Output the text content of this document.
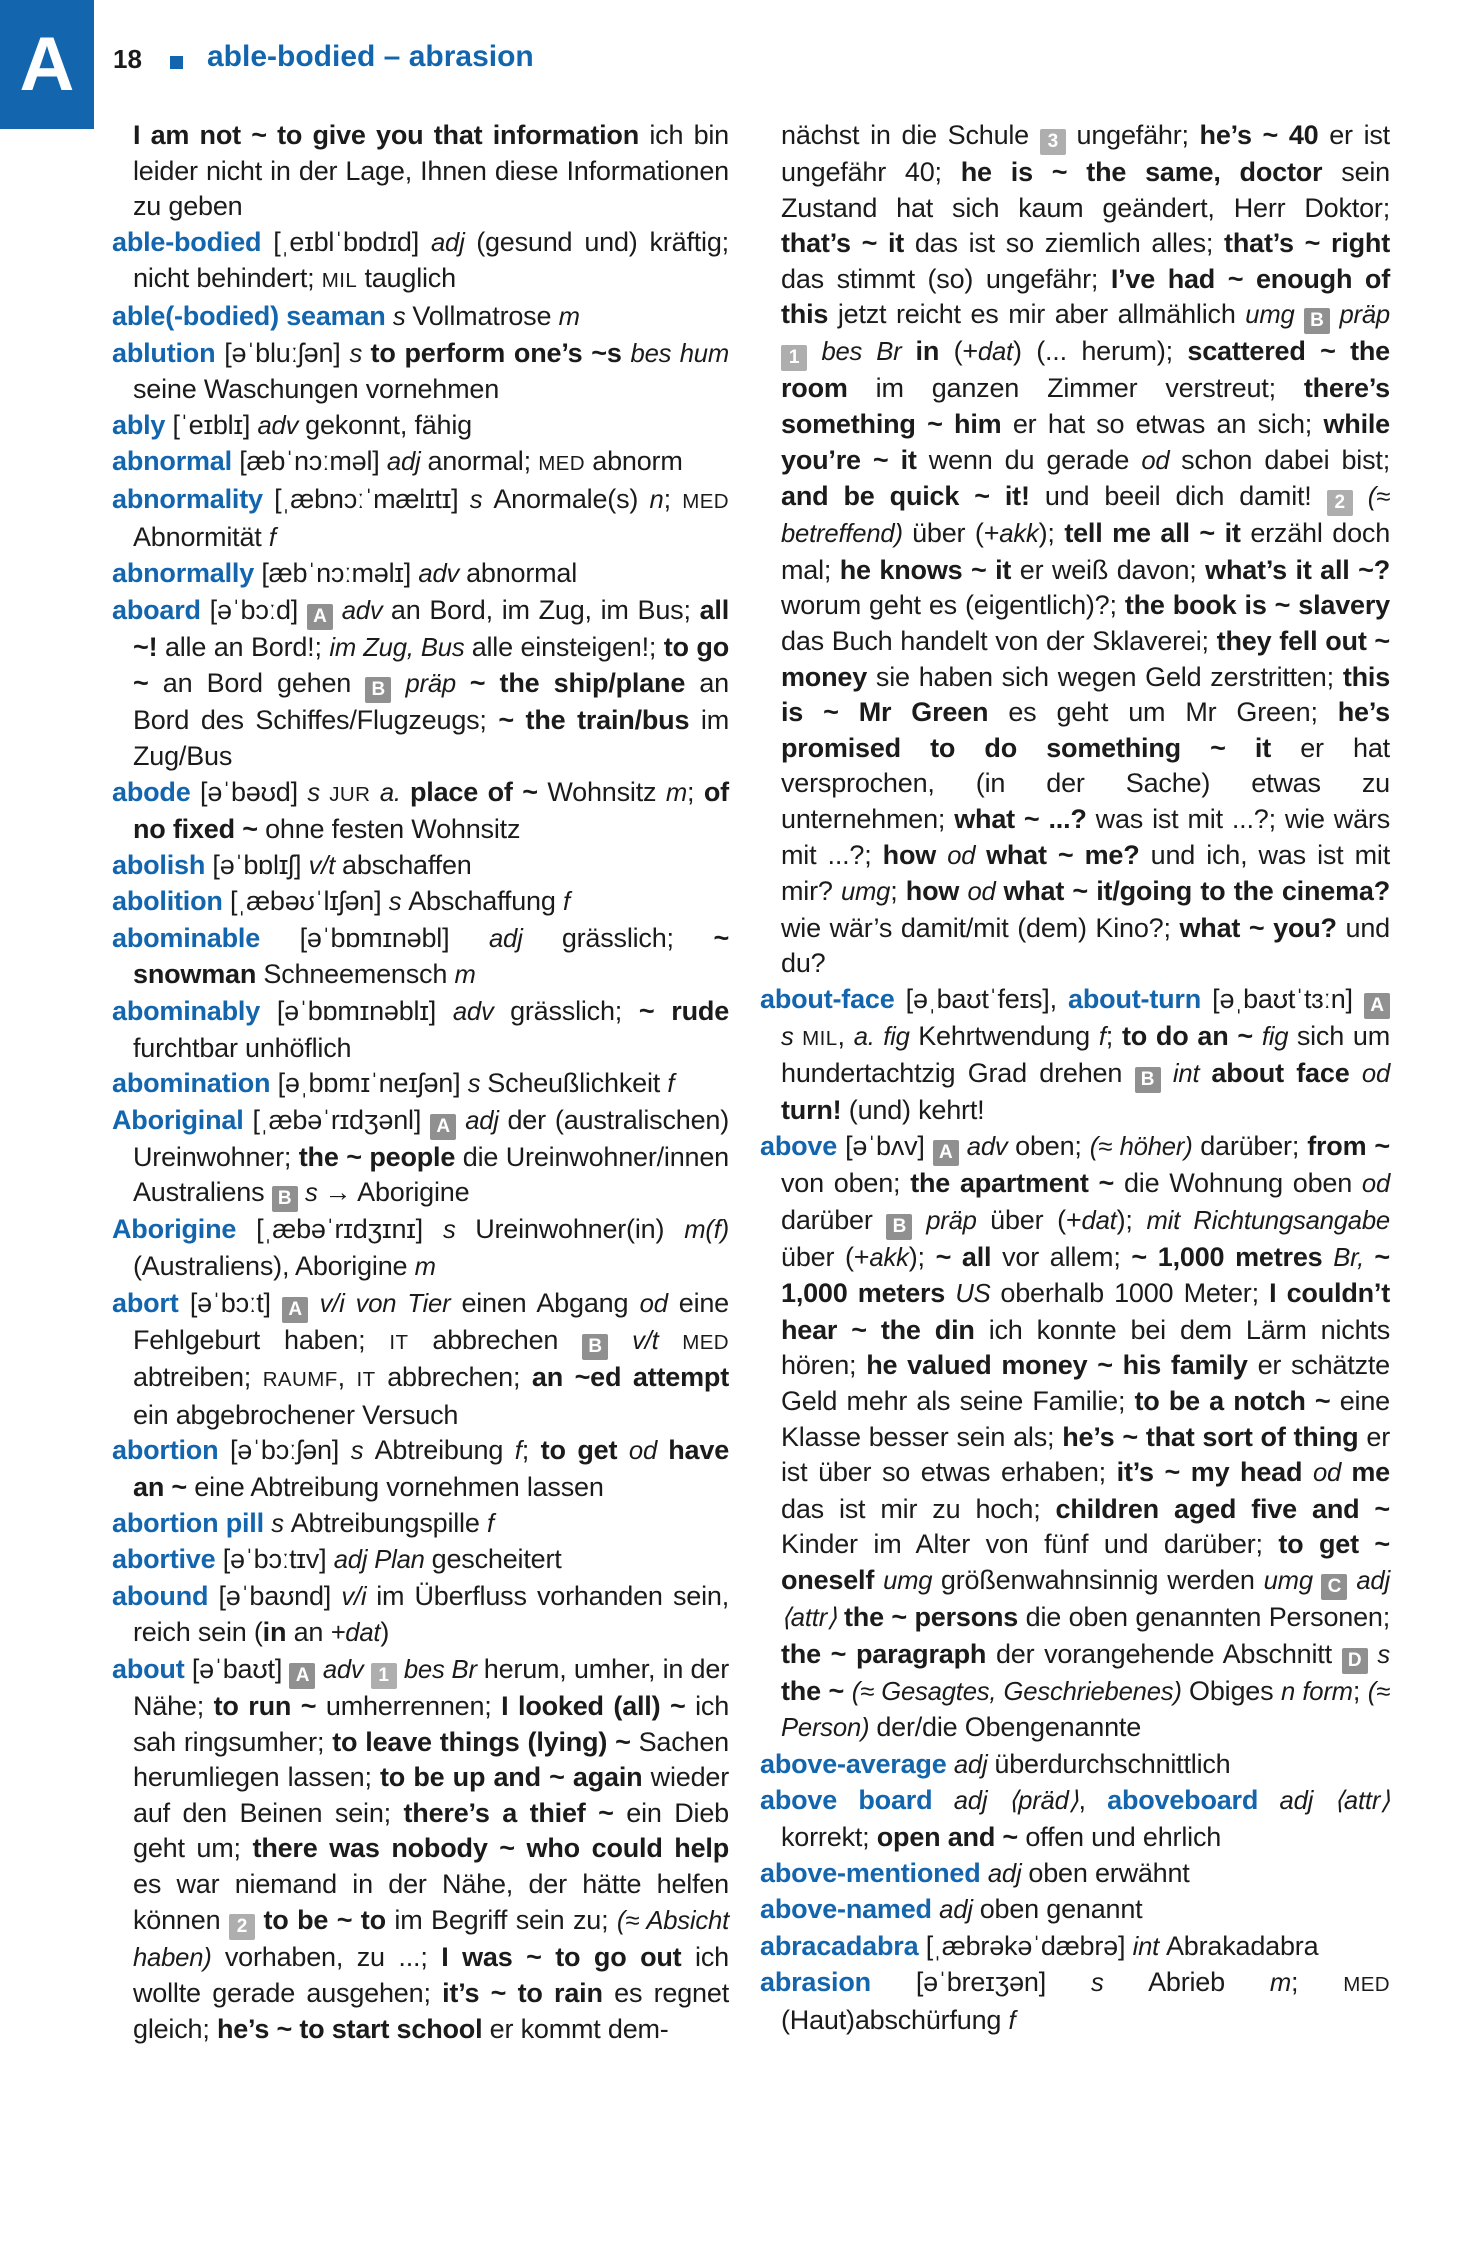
A	18 able-bodied – abrasion

I am not ~ to give you that information ich bin leider nicht in der Lage, Ihnen diese Informationen zu geben

able-bodied [ˌeɪblˈbɒdɪd] adj (gesund und) kräftig; nicht behindert; MIL tauglich

able(-bodied) seaman s Vollmatrose m

ablution [əˈbluːʃən] s to perform one’s ~s bes hum seine Waschungen vornehmen

ably [ˈeɪblɪ] adv gekonnt, fähig

abnormal [æbˈnɔːməl] adj anormal; MED abnorm

abnormality [ˌæbnɔːˈmælɪtɪ] s Anormale(s) n; MED Abnormität f

abnormally [æbˈnɔːməlɪ] adv abnormal

aboard [əˈbɔːd] A adv an Bord, im Zug, im Bus; all ~! alle an Bord!; im Zug, Bus alle einsteigen!; to go ~ an Bord gehen B präp ~ the ship/plane an Bord des Schiffes/Flugzeugs; ~ the train/bus im Zug/Bus

abode [əˈbəʊd] s JUR a. place of ~ Wohnsitz m; of no fixed ~ ohne festen Wohnsitz

abolish [əˈbɒlɪʃ] v/t abschaffen

abolition [ˌæbəʊˈlɪʃən] s Abschaffung f

abominable [əˈbɒmɪnəbl] adj grässlich; ~ snowman Schneemensch m

abominably [əˈbɒmɪnəblɪ] adv grässlich; ~ rude furchtbar unhöflich

abomination [əˌbɒmɪˈneɪʃən] s Scheußlichkeit f

Aboriginal [ˌæbəˈrɪdʒənl] A adj der (australischen) Ureinwohner; the ~ people die Ureinwohner/innen Australiens B s → Aborigine

Aborigine [ˌæbəˈrɪdʒɪnɪ] s Ureinwohner(in) m(f) (Australiens), Aborigine m

abort [əˈbɔːt] A v/i von Tier einen Abgang od eine Fehlgeburt haben; IT abbrechen B v/t MED abtreiben; RAUMF, IT abbrechen; an ~ed attempt ein abgebrochener Versuch

abortion [əˈbɔːʃən] s Abtreibung f; to get od have an ~ eine Abtreibung vornehmen lassen

abortion pill s Abtreibungspille f

abortive [əˈbɔːtɪv] adj Plan gescheitert

abound [əˈbaʊnd] v/i im Überfluss vorhanden sein, reich sein (in an +dat)

about [əˈbaʊt] A adv 1 bes Br herum, umher, in der Nähe; to run ~ umherrennen; I looked (all) ~ ich sah ringsumher; to leave things (lying) ~ Sachen herumliegen lassen; to be up and ~ again wieder auf den Beinen sein; there’s a thief ~ ein Dieb geht um; there was nobody ~ who could help es war niemand in der Nähe, der hätte helfen können 2 to be ~ to im Begriff sein zu; (≈ Absicht haben) vorhaben, zu ...; I was ~ to go out ich wollte gerade ausgehen; it’s ~ to rain es regnet gleich; he’s ~ to start school er kommt dem-

nächst in die Schule 3 ungefähr; he’s ~ 40 er ist ungefähr 40; he is ~ the same, doctor sein Zustand hat sich kaum geändert, Herr Doktor; that’s ~ it das ist so ziemlich alles; that’s ~ right das stimmt (so) ungefähr; I’ve had ~ enough of this jetzt reicht es mir aber allmählich umg B präp 1 bes Br in (+dat) (... herum); scattered ~ the room im ganzen Zimmer verstreut; there’s something ~ him er hat so etwas an sich; while you’re ~ it wenn du gerade od schon dabei bist; and be quick ~ it! und beeil dich damit! 2 (≈ betreffend) über (+akk); tell me all ~ it erzähl doch mal; he knows ~ it er weiß davon; what’s it all ~? worum geht es (eigentlich)?; the book is ~ slavery das Buch handelt von der Sklaverei; they fell out ~ money sie haben sich wegen Geld zerstritten; this is ~ Mr Green es geht um Mr Green; he’s promised to do something ~ it er hat versprochen, (in der Sache) etwas zu unternehmen; what ~ ...? was ist mit ...?; wie wärs mit ...?; how od what ~ me? und ich, was ist mit mir? umg; how od what ~ it/going to the cinema? wie wär’s damit/mit (dem) Kino?; what ~ you? und du?

about-face [əˌbaʊtˈfeɪs], about-turn [əˌbaʊtˈtɜːn] A s MIL, a. fig Kehrtwendung f; to do an ~ fig sich um hundertachtzig Grad drehen B int about face od turn! (und) kehrt!

above [əˈbʌv] A adv oben; (≈ höher) darüber; from ~ von oben; the apartment ~ die Wohnung oben od darüber B präp über (+dat); mit Richtungsangabe über (+akk); ~ all vor allem; ~ 1,000 metres Br, ~ 1,000 meters US oberhalb 1000 Meter; I couldn’t hear ~ the din ich konnte bei dem Lärm nichts hören; he valued money ~ his family er schätzte Geld mehr als seine Familie; to be a notch ~ eine Klasse besser sein als; he’s ~ that sort of thing er ist über so etwas erhaben; it’s ~ my head od me das ist mir zu hoch; children aged five and ~ Kinder im Alter von fünf und darüber; to get ~ oneself umg größenwahnsinnig werden umg C adj ⟨attr⟩ the ~ persons die oben genannten Personen; the ~ paragraph der vorangehende Abschnitt D s the ~ (≈ Gesagtes, Geschriebenes) Obiges n form; (≈ Person) der/die Obengenannte

above-average adj überdurchschnittlich

above board adj ⟨präd⟩, aboveboard adj ⟨attr⟩ korrekt; open and ~ offen und ehrlich

above-mentioned adj oben erwähnt

above-named adj oben genannt

abracadabra [ˌæbrəkəˈdæbrə] int Abrakadabra

abrasion [əˈbreɪʒən] s Abrieb m; MED (Haut)abschürfung f
